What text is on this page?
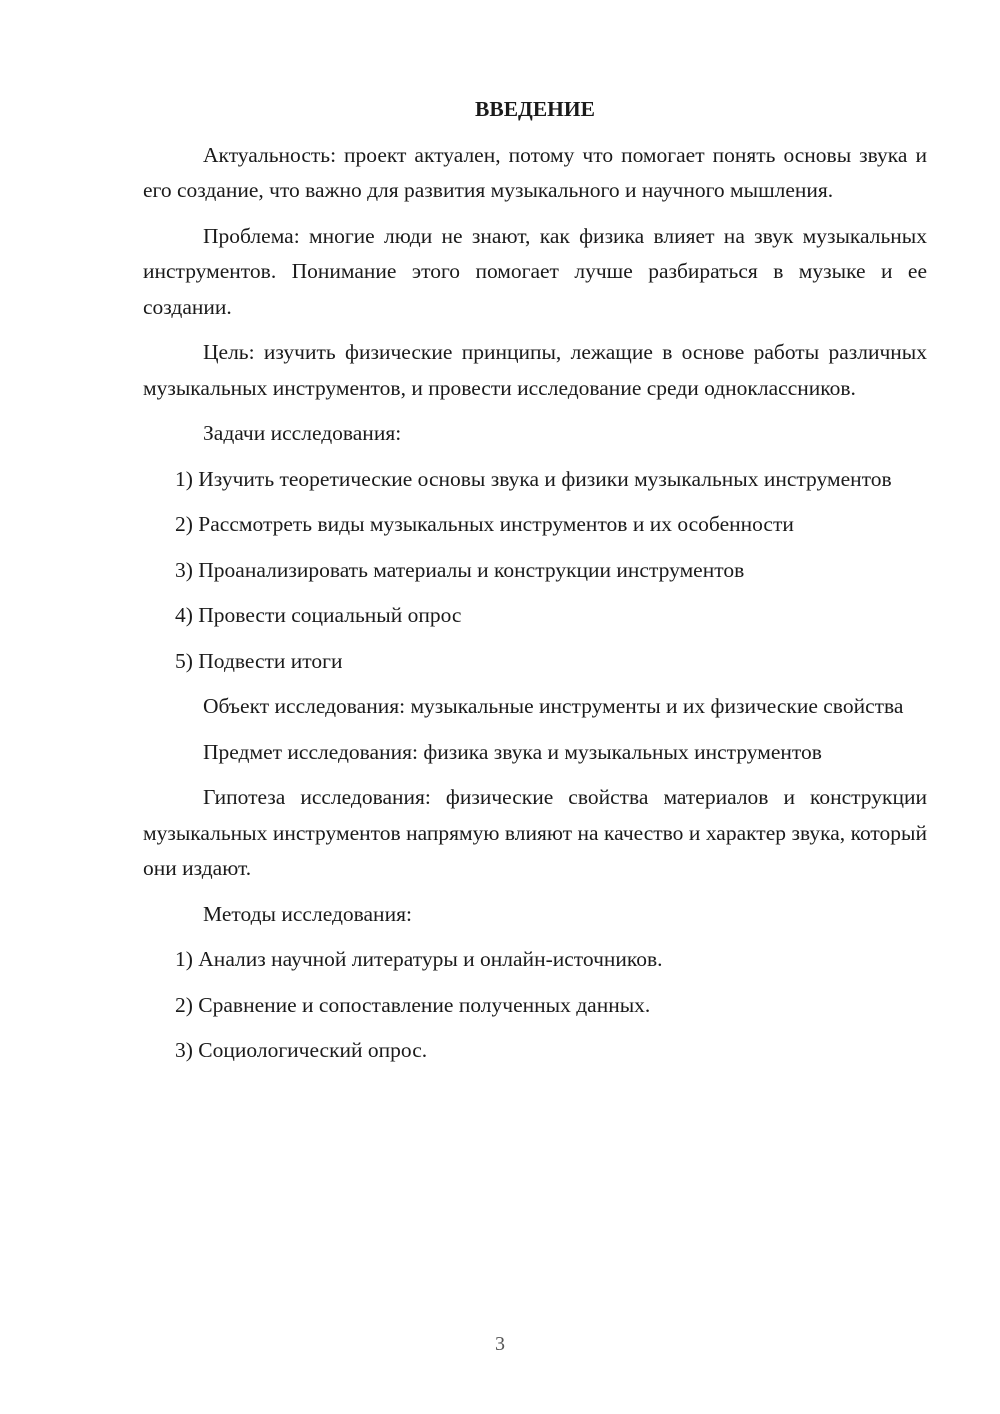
ВВЕДЕНИЕ

Актуальность: проект актуален, потому что помогает понять основы звука и его создание, что важно для развития музыкального и научного мышления.

Проблема: многие люди не знают, как физика влияет на звук музыкальных инструментов. Понимание этого помогает лучше разбираться в музыке и ее создании.

Цель: изучить физические принципы, лежащие в основе работы различных музыкальных инструментов, и провести исследование среди одноклассников.

Задачи исследования:

1) Изучить теоретические основы звука и физики музыкальных инструментов

2) Рассмотреть виды музыкальных инструментов и их особенности

3) Проанализировать материалы и конструкции инструментов

4) Провести социальный опрос

5) Подвести итоги

Объект исследования: музыкальные инструменты и их физические свойства

Предмет исследования: физика звука и музыкальных инструментов

Гипотеза исследования: физические свойства материалов и конструкции музыкальных инструментов напрямую влияют на качество и характер звука, который они издают.

Методы исследования:

1) Анализ научной литературы и онлайн-источников.

2) Сравнение и сопоставление полученных данных.

3) Социологический опрос.

3
